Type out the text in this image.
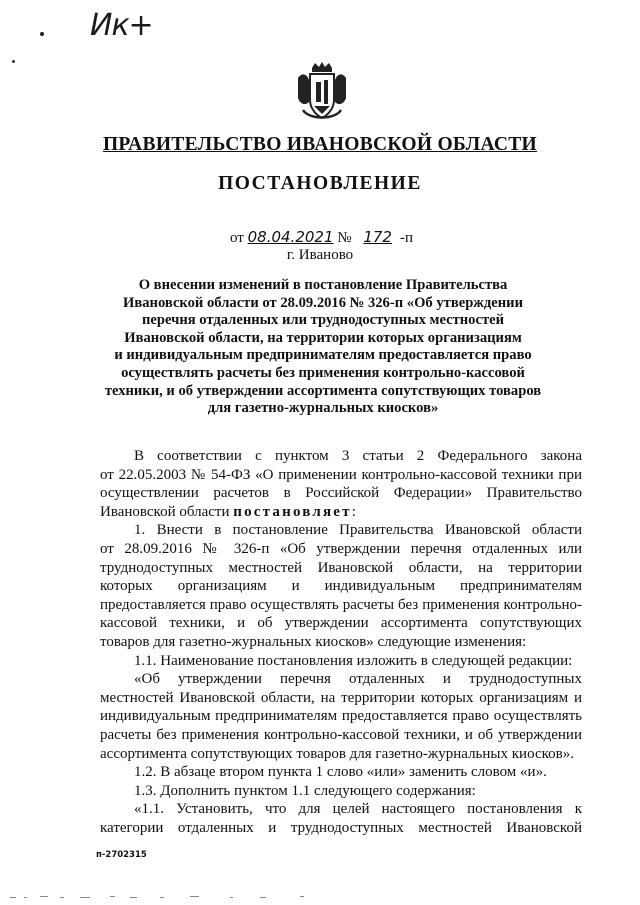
Ик+
ПРАВИТЕЛЬСТВО ИВАНОВСКОЙ ОБЛАСТИ
ПОСТАНОВЛЕНИЕ
от 08.04.2021 № 172 -п
г. Иваново
О внесении изменений в постановление Правительства
Ивановской области от 28.09.2016 № 326-п «Об утверждении
перечня отдаленных или труднодоступных местностей
Ивановской области, на территории которых организациям
и индивидуальным предпринимателям предоставляется право
осуществлять расчеты без применения контрольно-кассовой
техники, и об утверждении ассортимента сопутствующих товаров
для газетно-журнальных киосков»
В соответствии с пунктом 3 статьи 2 Федерального закона
от 22.05.2003 № 54-ФЗ «О применении контрольно-кассовой техники при
осуществлении расчетов в Российской Федерации» Правительство
Ивановской области постановляет:
1. Внести в постановление Правительства Ивановской области
от 28.09.2016 № 326-п «Об утверждении перечня отдаленных или
труднодоступных местностей Ивановской области, на территории
которых организациям и индивидуальным предпринимателям
предоставляется право осуществлять расчеты без применения контрольно-
кассовой техники, и об утверждении ассортимента сопутствующих
товаров для газетно-журнальных киосков» следующие изменения:
1.1. Наименование постановления изложить в следующей редакции:
«Об утверждении перечня отдаленных и труднодоступных
местностей Ивановской области, на территории которых организациям и
индивидуальным предпринимателям предоставляется право осуществлять
расчеты без применения контрольно-кассовой техники, и об утверждении
ассортимента сопутствующих товаров для газетно-журнальных киосков».
1.2. В абзаце втором пункта 1 слово «или» заменить словом «и».
1.3. Дополнить пунктом 1.1 следующего содержания:
«1.1. Установить, что для целей настоящего постановления к
категории отдаленных и труднодоступных местностей Ивановской
п-2702315
